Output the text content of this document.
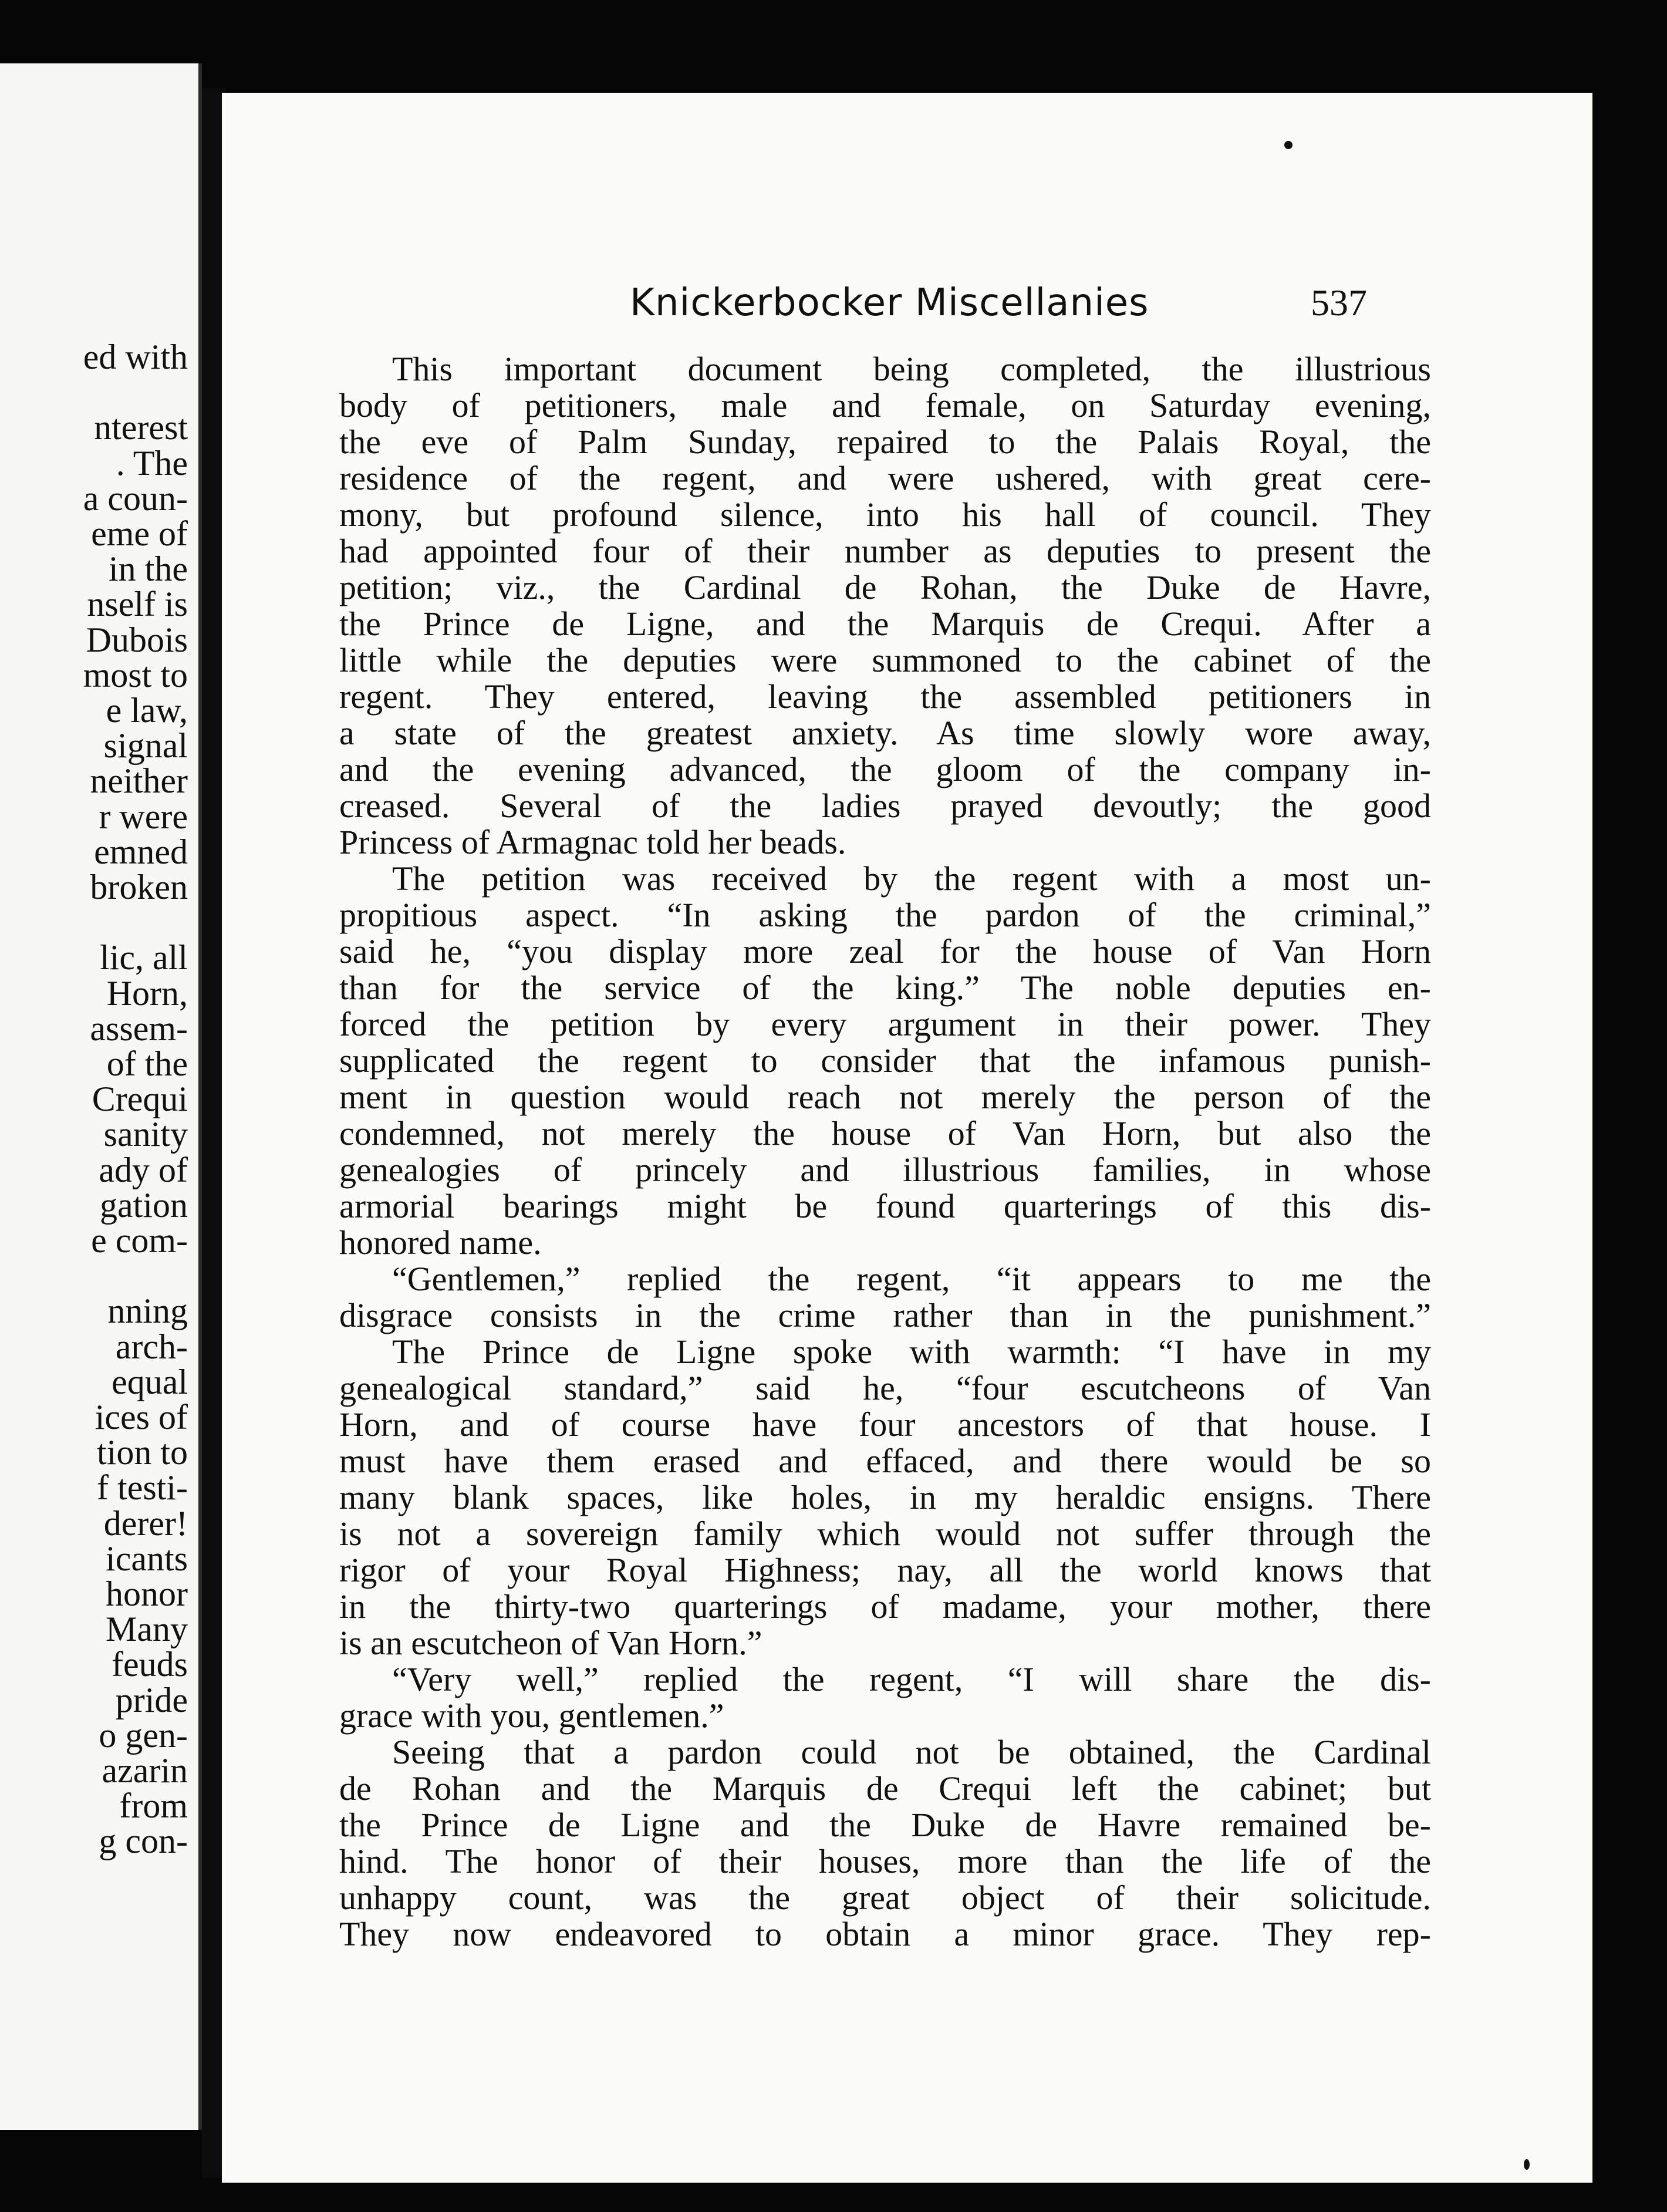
ed with
nterest
. The
a coun-
eme of
in the
nself is
Dubois
most to
e law,
signal
neither
r were
emned
broken
lic, all
Horn,
assem-
of the
Crequi
sanity
ady of
gation
e com-
nning
arch-
equal
ices of
tion to
f testi-
derer!
icants
honor
Many
feuds
pride
o gen-
azarin
from
g con-
Knickerbocker Miscellanies	537
This important document being completed, the illustrious
body of petitioners, male and female, on Saturday evening,
the eve of Palm Sunday, repaired to the Palais Royal, the
residence of the regent, and were ushered, with great cere-
mony, but profound silence, into his hall of council. They
had appointed four of their number as deputies to present the
petition; viz., the Cardinal de Rohan, the Duke de Havre,
the Prince de Ligne, and the Marquis de Crequi. After a
little while the deputies were summoned to the cabinet of the
regent. They entered, leaving the assembled petitioners in
a state of the greatest anxiety. As time slowly wore away,
and the evening advanced, the gloom of the company in-
creased. Several of the ladies prayed devoutly; the good
Princess of Armagnac told her beads.
The petition was received by the regent with a most un-
propitious aspect. “In asking the pardon of the criminal,”
said he, “you display more zeal for the house of Van Horn
than for the service of the king.” The noble deputies en-
forced the petition by every argument in their power. They
supplicated the regent to consider that the infamous punish-
ment in question would reach not merely the person of the
condemned, not merely the house of Van Horn, but also the
genealogies of princely and illustrious families, in whose
armorial bearings might be found quarterings of this dis-
honored name.
“Gentlemen,” replied the regent, “it appears to me the
disgrace consists in the crime rather than in the punishment.”
The Prince de Ligne spoke with warmth: “I have in my
genealogical standard,” said he, “four escutcheons of Van
Horn, and of course have four ancestors of that house. I
must have them erased and effaced, and there would be so
many blank spaces, like holes, in my heraldic ensigns. There
is not a sovereign family which would not suffer through the
rigor of your Royal Highness; nay, all the world knows that
in the thirty-two quarterings of madame, your mother, there
is an escutcheon of Van Horn.”
“Very well,” replied the regent, “I will share the dis-
grace with you, gentlemen.”
Seeing that a pardon could not be obtained, the Cardinal
de Rohan and the Marquis de Crequi left the cabinet; but
the Prince de Ligne and the Duke de Havre remained be-
hind. The honor of their houses, more than the life of the
unhappy count, was the great object of their solicitude.
They now endeavored to obtain a minor grace. They rep-
